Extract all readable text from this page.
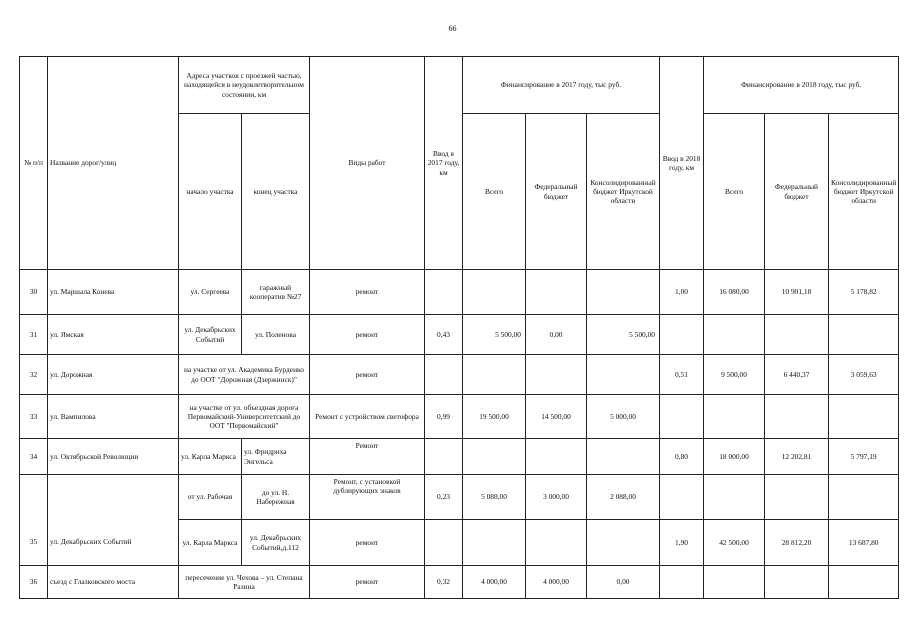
66
№ п/п	Название дорог/улиц	Адреса участков с проезжей частью, находящейся в неудовлетворительном состоянии, км		Виды работ	Ввод в 2017 году, км	Финансирование в 2017 году, тыс руб.			Ввод в 2018 году, км	Финансирование в 2018 году, тыс руб.		
		начало участка	конец участка			Всего	Федеральный бюджет	Консолидированный бюджет Иркутской области		Всего	Федеральный бюджет	Консолидированный бюджет Иркутской области
30	ул. Маршала Конева	ул. Сергеева	гаражный кооператив №27	ремонт					1,00	16 080,00	10 901,18	5 178,82
31	ул. Ямская	ул. Декабрьских Событий	ул. Поленова	ремонт	0,43	5 500,00	0,00	5 500,00				
32	ул. Дорожная	на участке от ул. Академика Бурденко до ООТ "Дорожная (Дзержинск)"		ремонт					0,51	9 500,00	6 440,37	3 059,63
33	ул. Вампилова	на участке от ул. объездная дорога Первомайский-Университетский до ООТ "Первомайский"		Ремонт с устройством светофора	0,99	19 500,00	14 500,00	5 000,00				
34	ул. Октябрьской Революции	ул. Карла Маркса	ул. Фридриха Энгельса	Ремонт					0,80	18 000,00	12 202,81	5 797,19
35	ул. Декабрьских Событий	от ул. Рабочая	до ул. Н. Набережная	Ремонт, с установкой дублирующих знаков	0,23	5 088,00	3 000,00	2 088,00				
		ул. Карла Маркса	ул. Декабрьских Событий,д.112	ремонт					1,90	42 500,00	28 812,20	13 687,80
36	съезд с Глазковского моста	пересечение ул. Чехова – ул. Степана Разина		ремонт	0,32	4 000,00	4 000,00	0,00				
